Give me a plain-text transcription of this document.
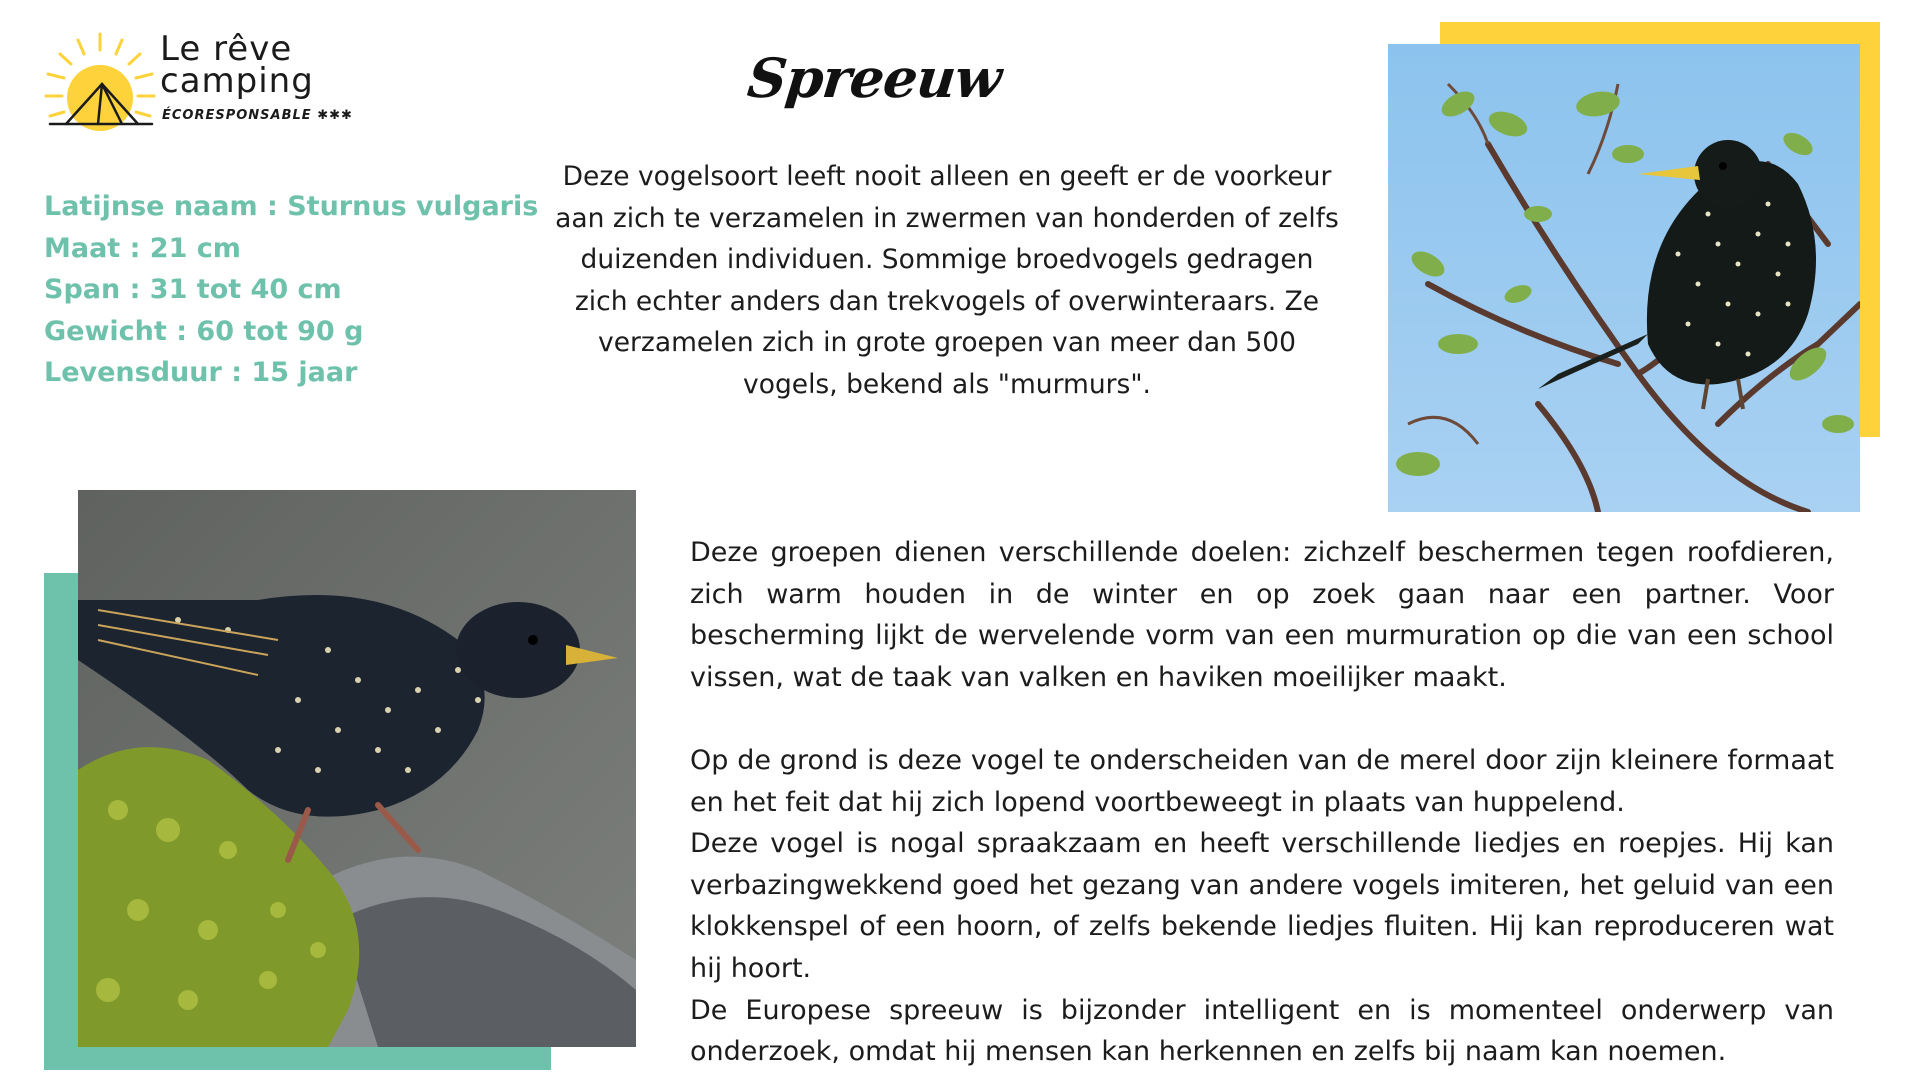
Le rêve
camping
ÉCORESPONSABLE ✱✱✱
Spreeuw
Latijnse naam : Sturnus vulgaris
Maat : 21 cm
Span : 31 tot 40 cm
Gewicht : 60 tot 90 g
Levensduur : 15 jaar
Deze vogelsoort leeft nooit alleen en geeft er de voorkeur aan zich te verzamelen in zwermen van honderden of zelfs duizenden individuen. Sommige broedvogels gedragen zich echter anders dan trekvogels of overwinteraars. Ze verzamelen zich in grote groepen van meer dan 500 vogels, bekend als "murmurs".

Deze groepen dienen verschillende doelen: zichzelf beschermen tegen roofdieren, zich warm houden in de winter en op zoek gaan naar een partner. Voor bescherming lijkt de wervelende vorm van een murmuration op die van een school vissen, wat de taak van valken en haviken moeilijker maakt.

Op de grond is deze vogel te onderscheiden van de merel door zijn kleinere formaat en het feit dat hij zich lopend voortbeweegt in plaats van huppelend.

Deze vogel is nogal spraakzaam en heeft verschillende liedjes en roepjes. Hij kan verbazingwekkend goed het gezang van andere vogels imiteren, het geluid van een klokkenspel of een hoorn, of zelfs bekende liedjes fluiten. Hij kan reproduceren wat hij hoort.

De Europese spreeuw is bijzonder intelligent en is momenteel onderwerp van onderzoek, omdat hij mensen kan herkennen en zelfs bij naam kan noemen.
